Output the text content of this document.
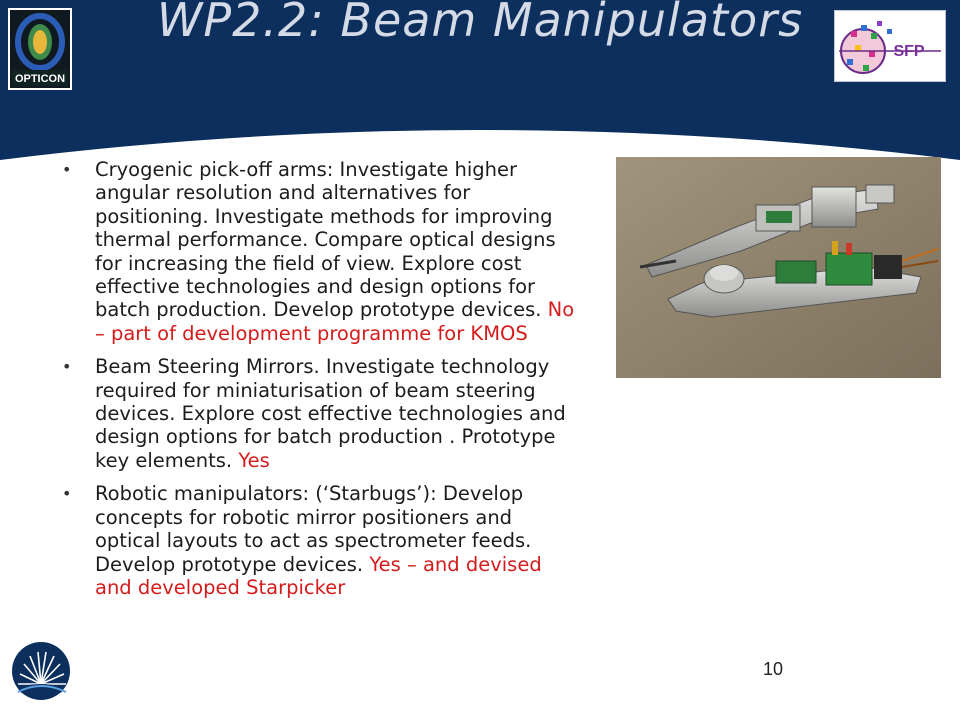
OPTICON
SFP
WP2.2: Beam Manipulators
• Cryogenic pick-off arms: Investigate higher angular resolution and alternatives for positioning. Investigate methods for improving thermal performance. Compare optical designs for increasing the field of view. Explore cost effective technologies and design options for batch production. Develop prototype devices. No – part of development programme for KMOS
• Beam Steering Mirrors. Investigate technology required for miniaturisation of beam steering devices. Explore cost effective technologies and design options for batch production . Prototype key elements. Yes
• Robotic manipulators: (‘Starbugs’): Develop concepts for robotic mirror positioners and optical layouts to act as spectrometer feeds. Develop prototype devices. Yes – and devised and developed Starpicker
10
